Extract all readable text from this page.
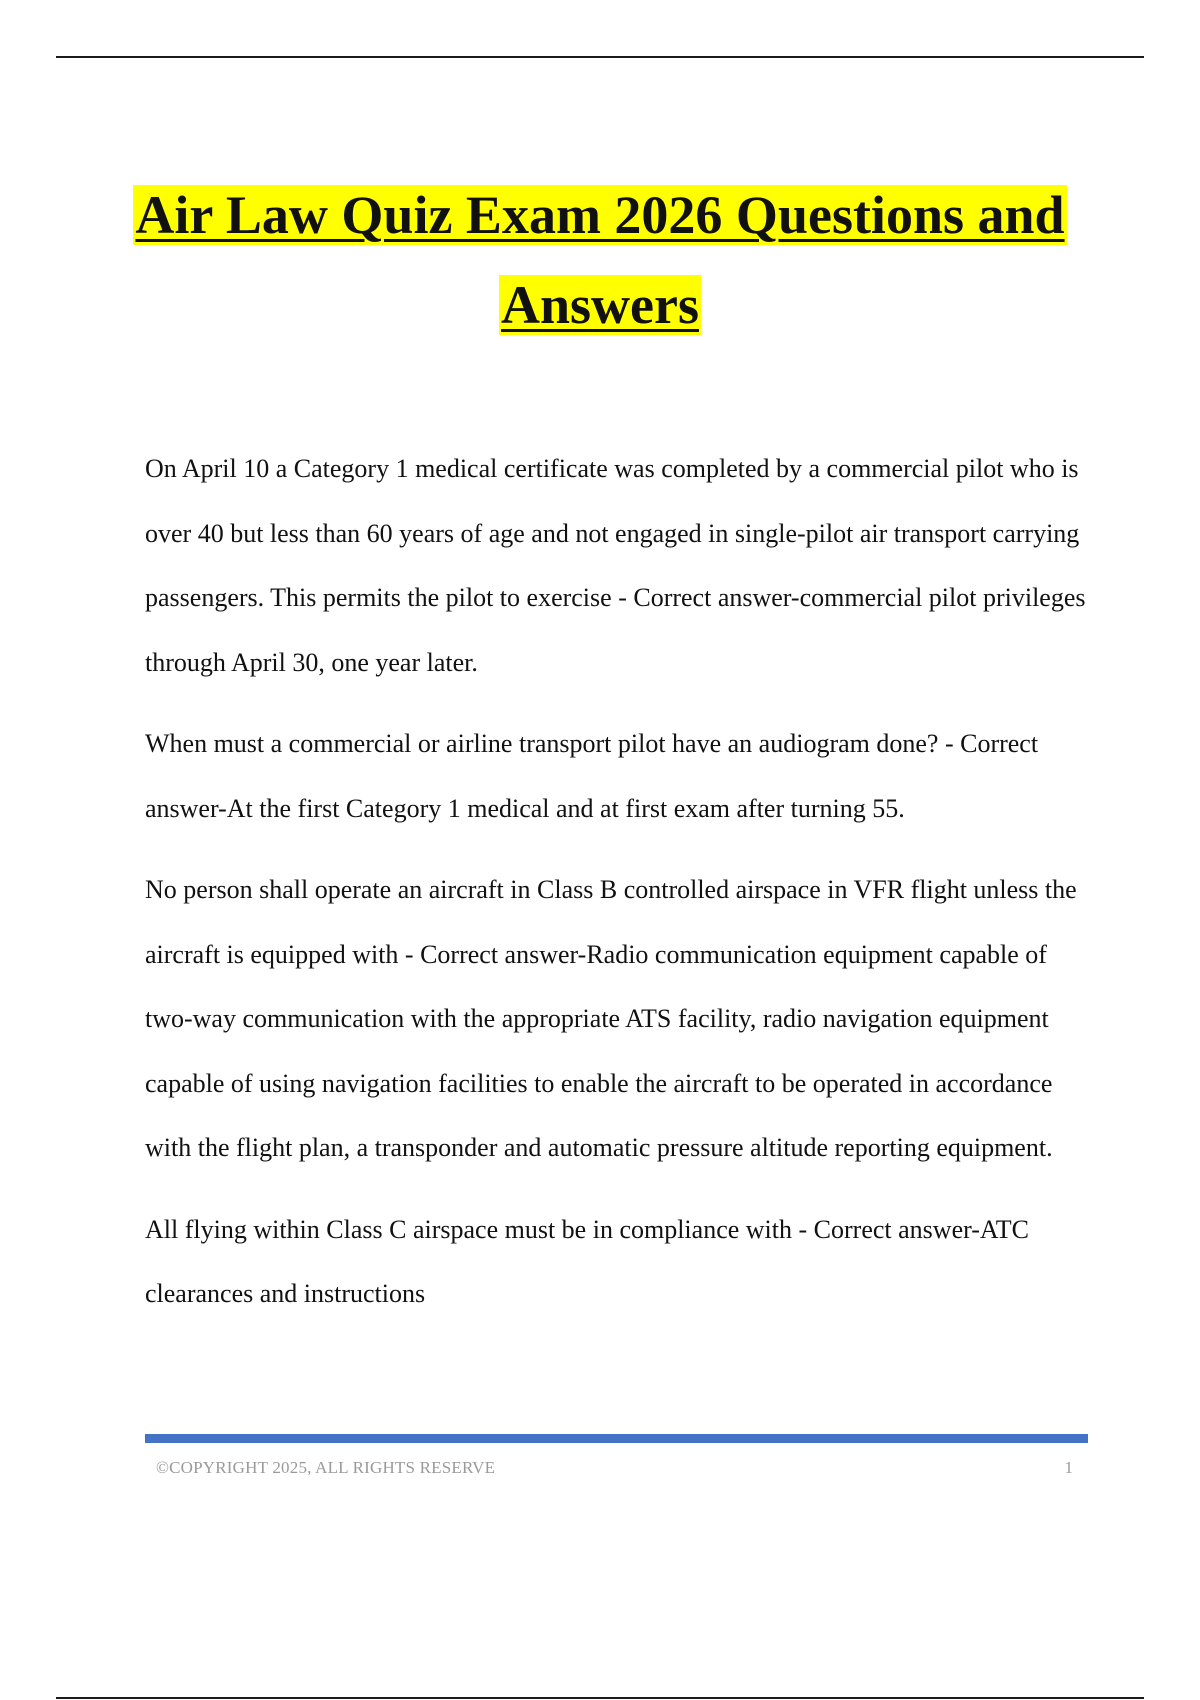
Air Law Quiz Exam 2026 Questions and
Answers

On April 10 a Category 1 medical certificate was completed by a commercial pilot who is over 40 but less than 60 years of age and not engaged in single-pilot air transport carrying passengers. This permits the pilot to exercise - Correct answer-commercial pilot privileges through April 30, one year later.

When must a commercial or airline transport pilot have an audiogram done? - Correct answer-At the first Category 1 medical and at first exam after turning 55.

No person shall operate an aircraft in Class B controlled airspace in VFR flight unless the aircraft is equipped with - Correct answer-Radio communication equipment capable of two-way communication with the appropriate ATS facility, radio navigation equipment capable of using navigation facilities to enable the aircraft to be operated in accordance with the flight plan, a transponder and automatic pressure altitude reporting equipment.

All flying within Class C airspace must be in compliance with - Correct answer-ATC clearances and instructions

©COPYRIGHT 2025, ALL RIGHTS RESERVE	1
